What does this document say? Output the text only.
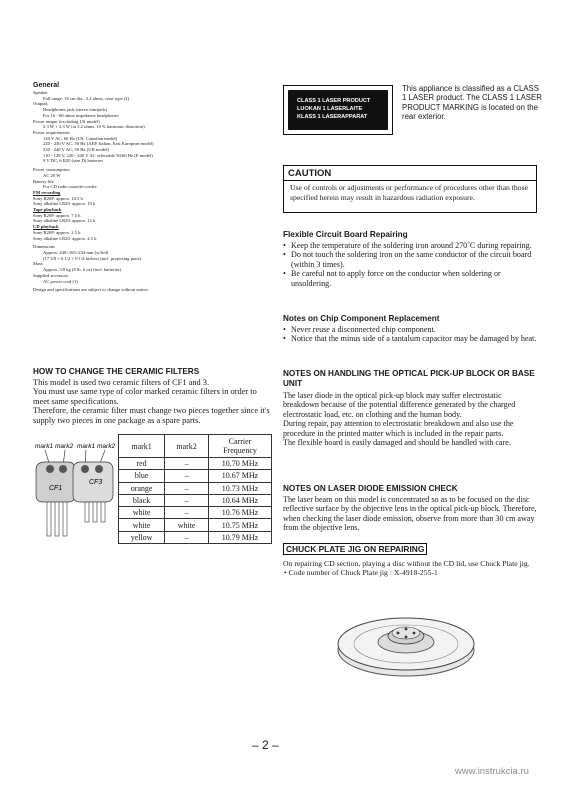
General
Speaker
Full range: 10 cm dia., 3.2 ohms, cone type (2)
Outputs
Headphones jack (stereo minijack)
For 16 - 68 ohms impedance headphones
Power output (excluding US model)
2.3 W + 2.3 W (at 3.2 ohms, 10 % harmonic distortion)
Power requirements
120 V AC, 60 Hz (US, Canadian model)
220 - 230 V AC, 50 Hz (AEP, Italian, East European model)
230 - 240 V AC, 50 Hz (UK model)
110 - 120 V, 220 - 240 V AC selectable 50/60 Hz (E model)
9 V DC, 6 R20 (size D) batteries
Power consumption
AC 20 W
Battery life
For CD radio cassette-corder:
FM recording
Sony R20P: approx. 10.5 h
Sony alkaline LR20: approx. 19 h
Tape playback
Sony R20P: approx. 7.5 h
Sony alkaline LR20: approx. 12 h
CD playback
Sony R20P: approx. 2.5 h
Sony alkaline LR20: approx. 4.5 h
Dimensions
Approx. 440×165×234 mm (w/h/d)
(17 3/8 × 6 1/2 × 9 1/4 inches) (incl. projecting parts)
Mass
Approx. 3.8 kg (8 lb. 6 oz) (incl. batteries)
Supplied accessory
AC power cord (1)
Design and specifications are subject to change without notice.
CLASS 1 LASER PRODUCT
LUOKAN 1 LASERLAITE
KLASS 1 LASERAPPARAT
This appliance is classified as a CLASS 1 LASER product. The CLASS 1 LASER PRODUCT MARKING is located on the rear exterior.
CAUTION
Use of controls or adjustments or performance of procedures other than those specified herein may result in hazardous radiation exposure.
Flexible Circuit Board Repairing
• Keep the temperature of the soldering iron around 270˚C during repairing.
• Do not touch the soldering iron on the same conductor of the circuit board (within 3 times).
• Be careful not to apply force on the conductor when soldering or unsoldering.
Notes on Chip Component Replacement
• Never reuse a disconnected chip component.
• Notice that the minus side of a tantalum capacitor may be damaged by heat.
HOW TO CHANGE THE CERAMIC FILTERS
This model is used two ceramic filters of CF1 and 3.
You must use same type of color marked ceramic filters in order to meet same specifications.
Therefore, the ceramic filter must change two pieces together since it's supply two pieces in one package as a spare parts.
mark1 mark2 mark1 mark2
CF1
CF3
mark1	mark2	Carrier Frequency
red	–	10.70 MHz
blue	–	10.67 MHz
orange	–	10.73 MHz
black	–	10.64 MHz
white	–	10.76 MHz
white	white	10.75 MHz
yellow	–	10.79 MHz
NOTES ON HANDLING THE OPTICAL PICK-UP BLOCK OR BASE UNIT
The laser diode in the optical pick-up block may suffer electrostatic breakdown because of the potential difference generated by the charged electrostatic load, etc. on clothing and the human body.
During repair, pay attention to electrostatic breakdown and also use the procedure in the printed matter which is included in the repair parts.
The flexible board is easily damaged and should be handled with care.
NOTES ON LASER DIODE EMISSION CHECK
The laser beam on this model is concentrated so as to be focused on the disc reflective surface by the objective lens in the optical pick-up block. Therefore, when checking the laser diode emission, observe from more than 30 cm away from the objective lens.
CHUCK PLATE JIG ON REPAIRING
On repairing CD section, playing a disc without the CD lid, use Chuck Plate jig.
• Code number of Chuck Plate jig : X-4918-255-1
– 2 –
www.instrukcia.ru
